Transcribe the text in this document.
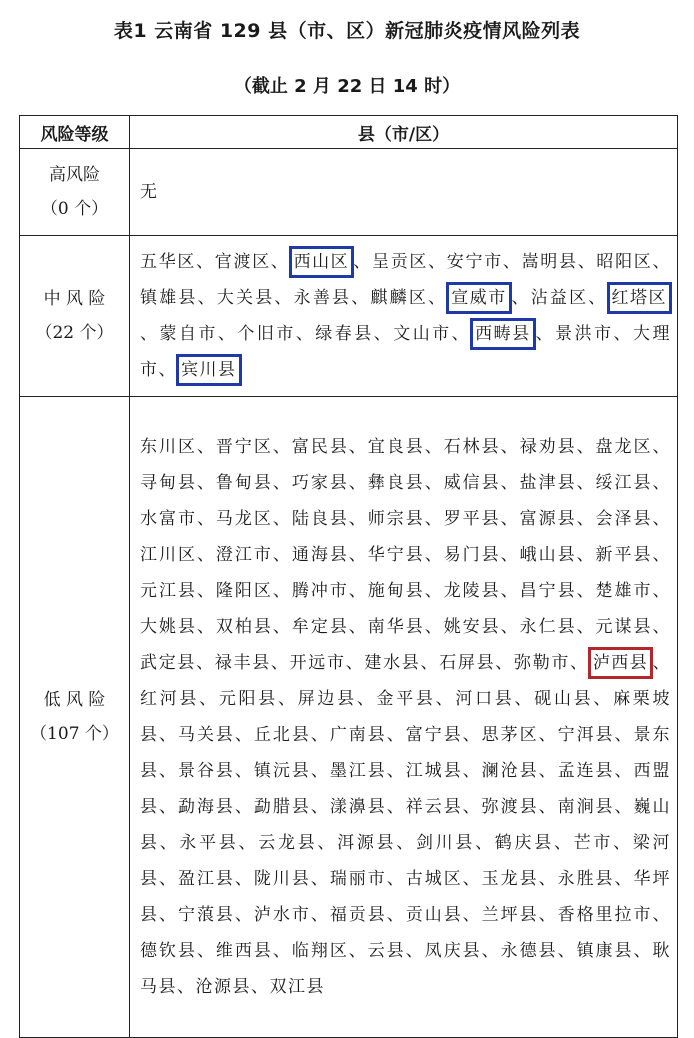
表1 云南省 129 县（市、区）新冠肺炎疫情风险列表
（截止 2 月 22 日 14 时）
风险等级	县（市/区）

高风险
（0 个）	无

中 风 险
（22 个）	五华区、官渡区、 西山区 、呈贡区、安宁市、嵩明县、昭阳区、镇雄县、大关县、永善县、麒麟区、 宣威市 、沾益区、 红塔区、蒙自市、个旧市、绿春县、文山市、 西畴县 、景洪市、大理市、 宾川县

低 风 险
（107 个）	东川区、晋宁区、富民县、宜良县、石林县、禄劝县、盘龙区、寻甸县、鲁甸县、巧家县、彝良县、威信县、盐津县、绥江县、水富市、马龙区、陆良县、师宗县、罗平县、富源县、会泽县、江川区、澄江市、通海县、华宁县、易门县、峨山县、新平县、元江县、隆阳区、腾冲市、施甸县、龙陵县、昌宁县、楚雄市、大姚县、双柏县、牟定县、南华县、姚安县、永仁县、元谋县、武定县、禄丰县、开远市、建水县、石屏县、弥勒市、 泸西县 、红河县、元阳县、屏边县、金平县、河口县、砚山县、麻栗坡县、马关县、丘北县、广南县、富宁县、思茅区、宁洱县、景东县、景谷县、镇沅县、墨江县、江城县、澜沧县、孟连县、西盟县、勐海县、勐腊县、漾濞县、祥云县、弥渡县、南涧县、巍山县、永平县、云龙县、洱源县、剑川县、鹤庆县、芒市、梁河县、盈江县、陇川县、瑞丽市、古城区、玉龙县、永胜县、华坪县、宁蒗县、泸水市、福贡县、贡山县、兰坪县、香格里拉市、德钦县、维西县、临翔区、云县、凤庆县、永德县、镇康县、耿马县、沧源县、双江县
